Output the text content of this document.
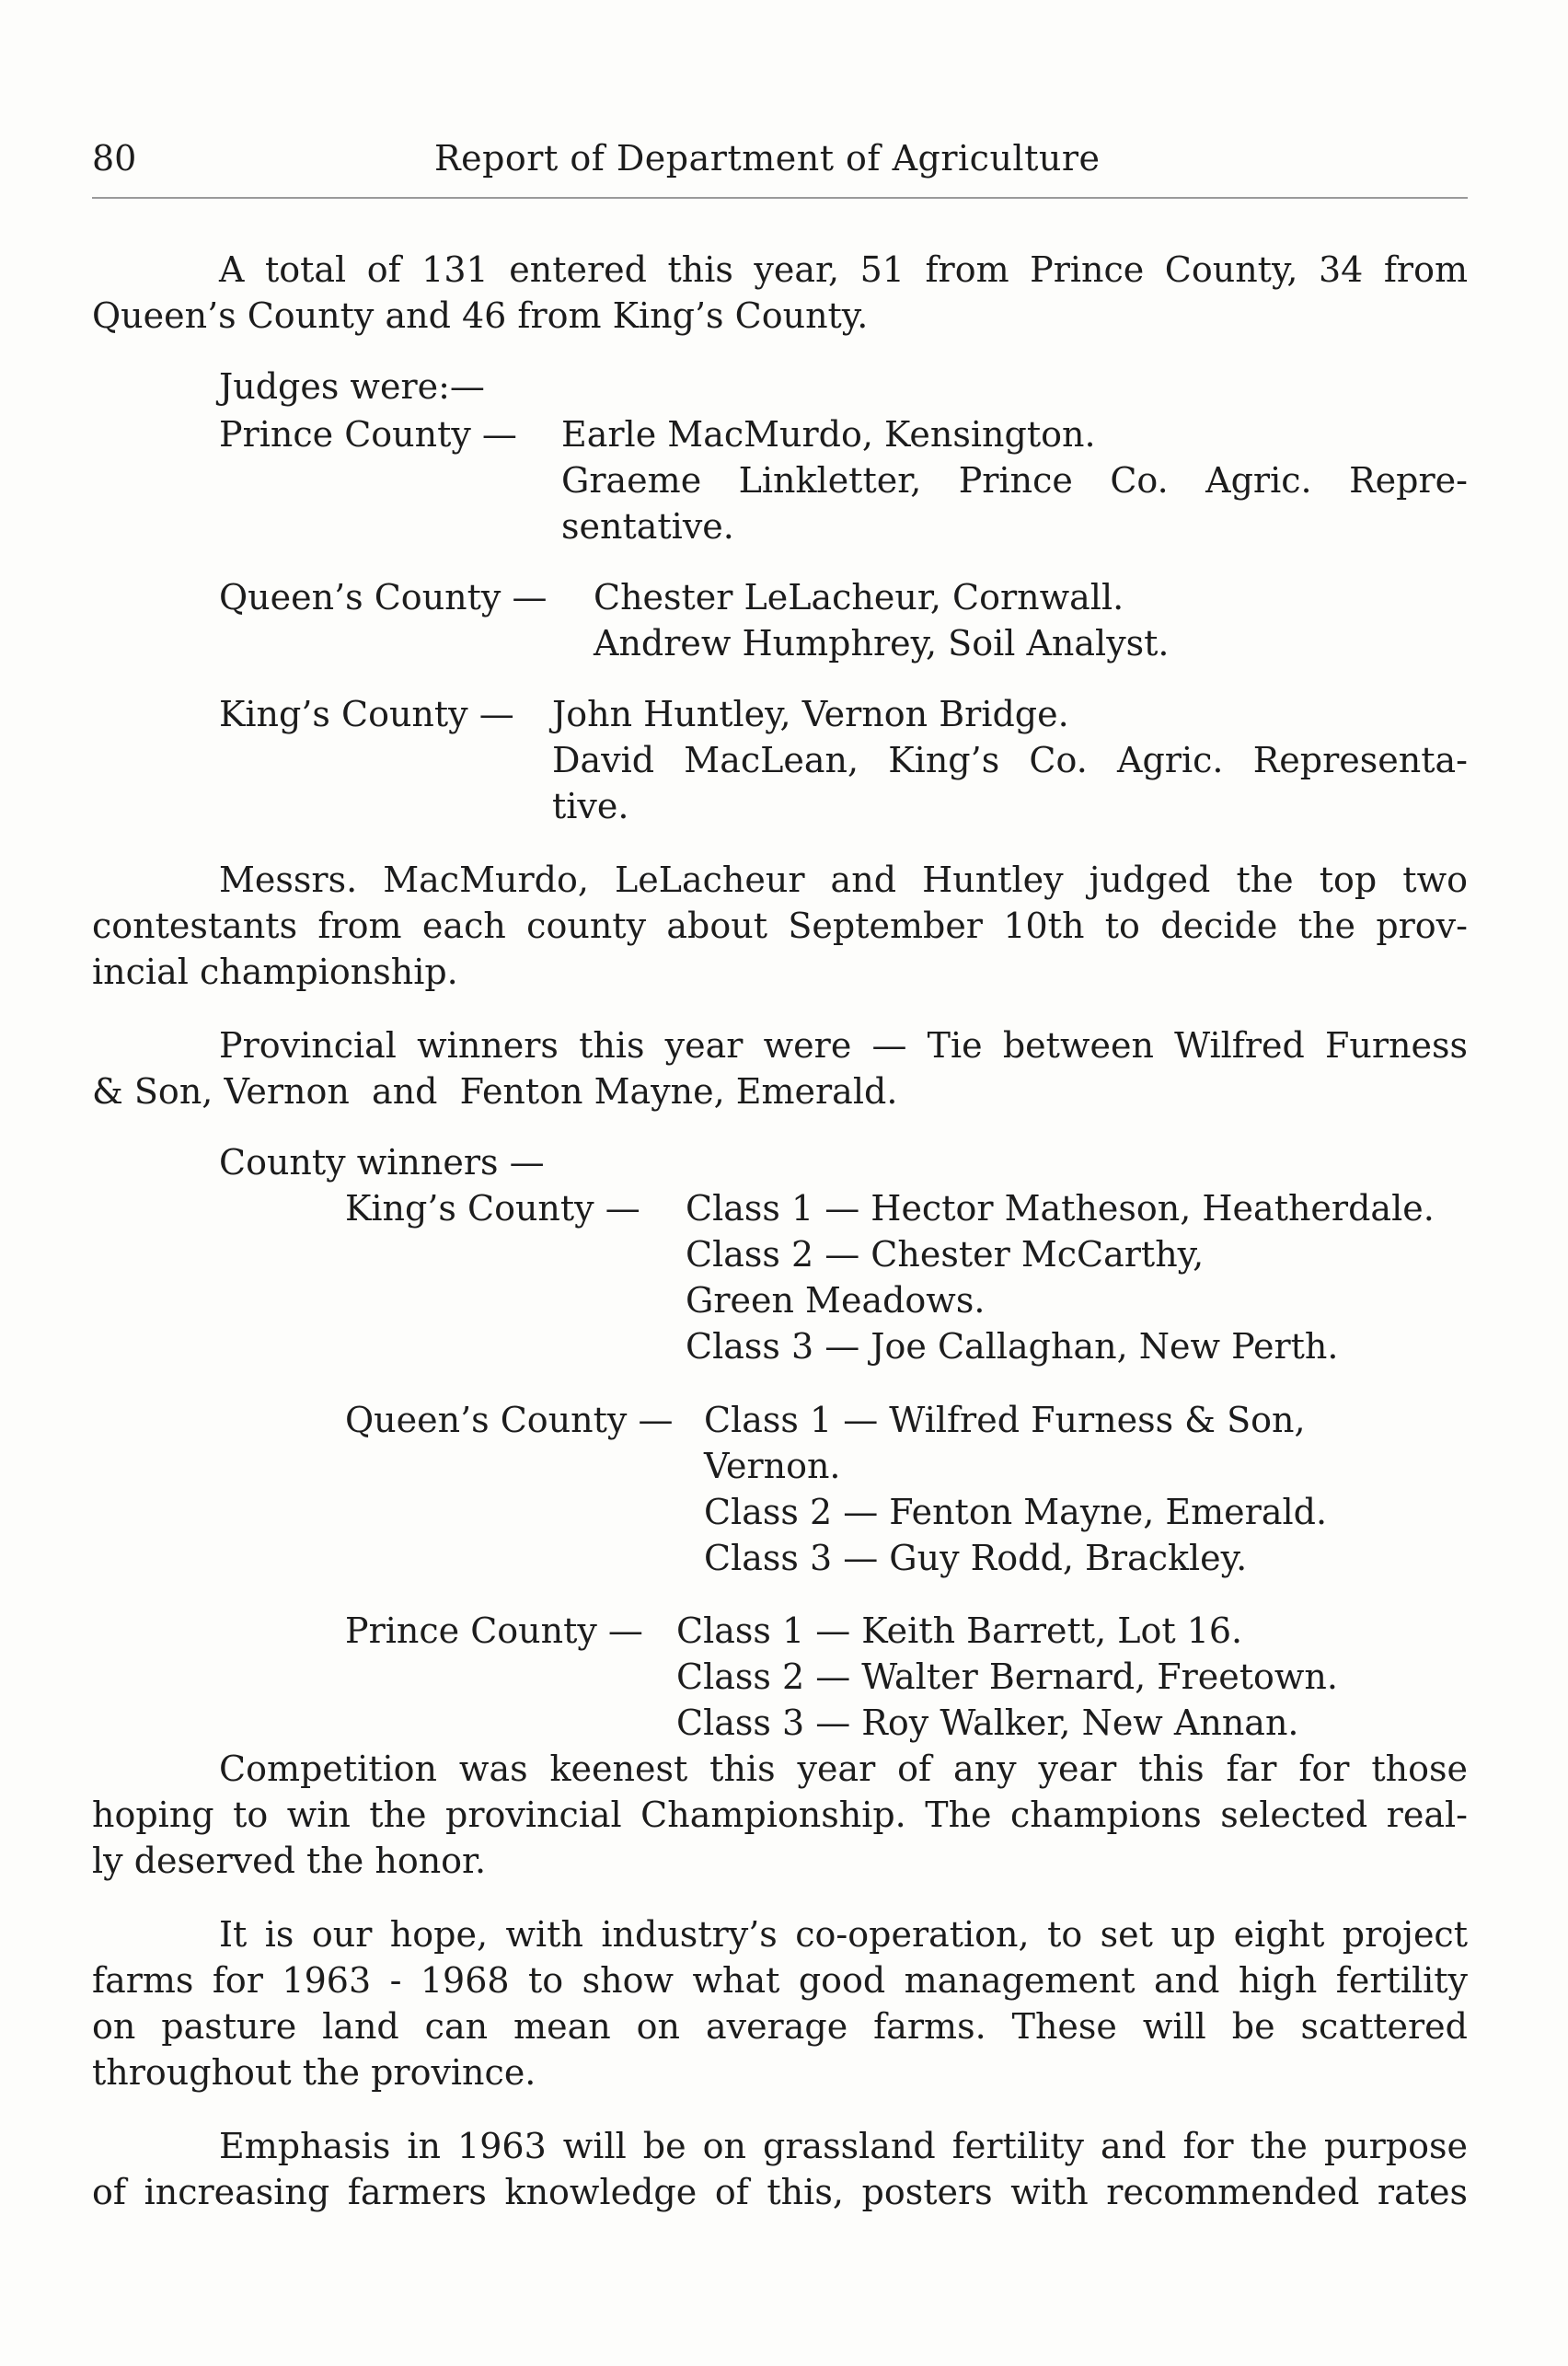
80	Report of Department of Agriculture
A total of 131 entered this year, 51 from Prince County, 34 from
Queen’s County and 46 from King’s County.
Judges were:—
Prince County — Earle MacMurdo, Kensington.
Graeme Linkletter, Prince Co. Agric. Repre-
sentative.
Queen’s County — Chester LeLacheur, Cornwall.
Andrew Humphrey, Soil Analyst.
King’s County — John Huntley, Vernon Bridge.
David MacLean, King’s Co. Agric. Representa-
tive.
Messrs. MacMurdo, LeLacheur and Huntley judged the top two
contestants from each county about September 10th to decide the prov-
incial championship.
Provincial winners this year were — Tie between Wilfred Furness
& Son, Vernon  and  Fenton Mayne, Emerald.
County winners —
King’s County — Class 1 — Hector Matheson, Heatherdale.
Class 2 — Chester McCarthy,
Green Meadows.
Class 3 — Joe Callaghan, New Perth.
Queen’s County — Class 1 — Wilfred Furness & Son,
Vernon.
Class 2 — Fenton Mayne, Emerald.
Class 3 — Guy Rodd, Brackley.
Prince County — Class 1 — Keith Barrett, Lot 16.
Class 2 — Walter Bernard, Freetown.
Class 3 — Roy Walker, New Annan.
Competition was keenest this year of any year this far for those
hoping to win the provincial Championship. The champions selected real-
ly deserved the honor.
It is our hope, with industry’s co-operation, to set up eight project
farms for 1963 - 1968 to show what good management and high fertility
on pasture land can mean on average farms. These will be scattered
throughout the province.
Emphasis in 1963 will be on grassland fertility and for the purpose
of increasing farmers knowledge of this, posters with recommended rates
